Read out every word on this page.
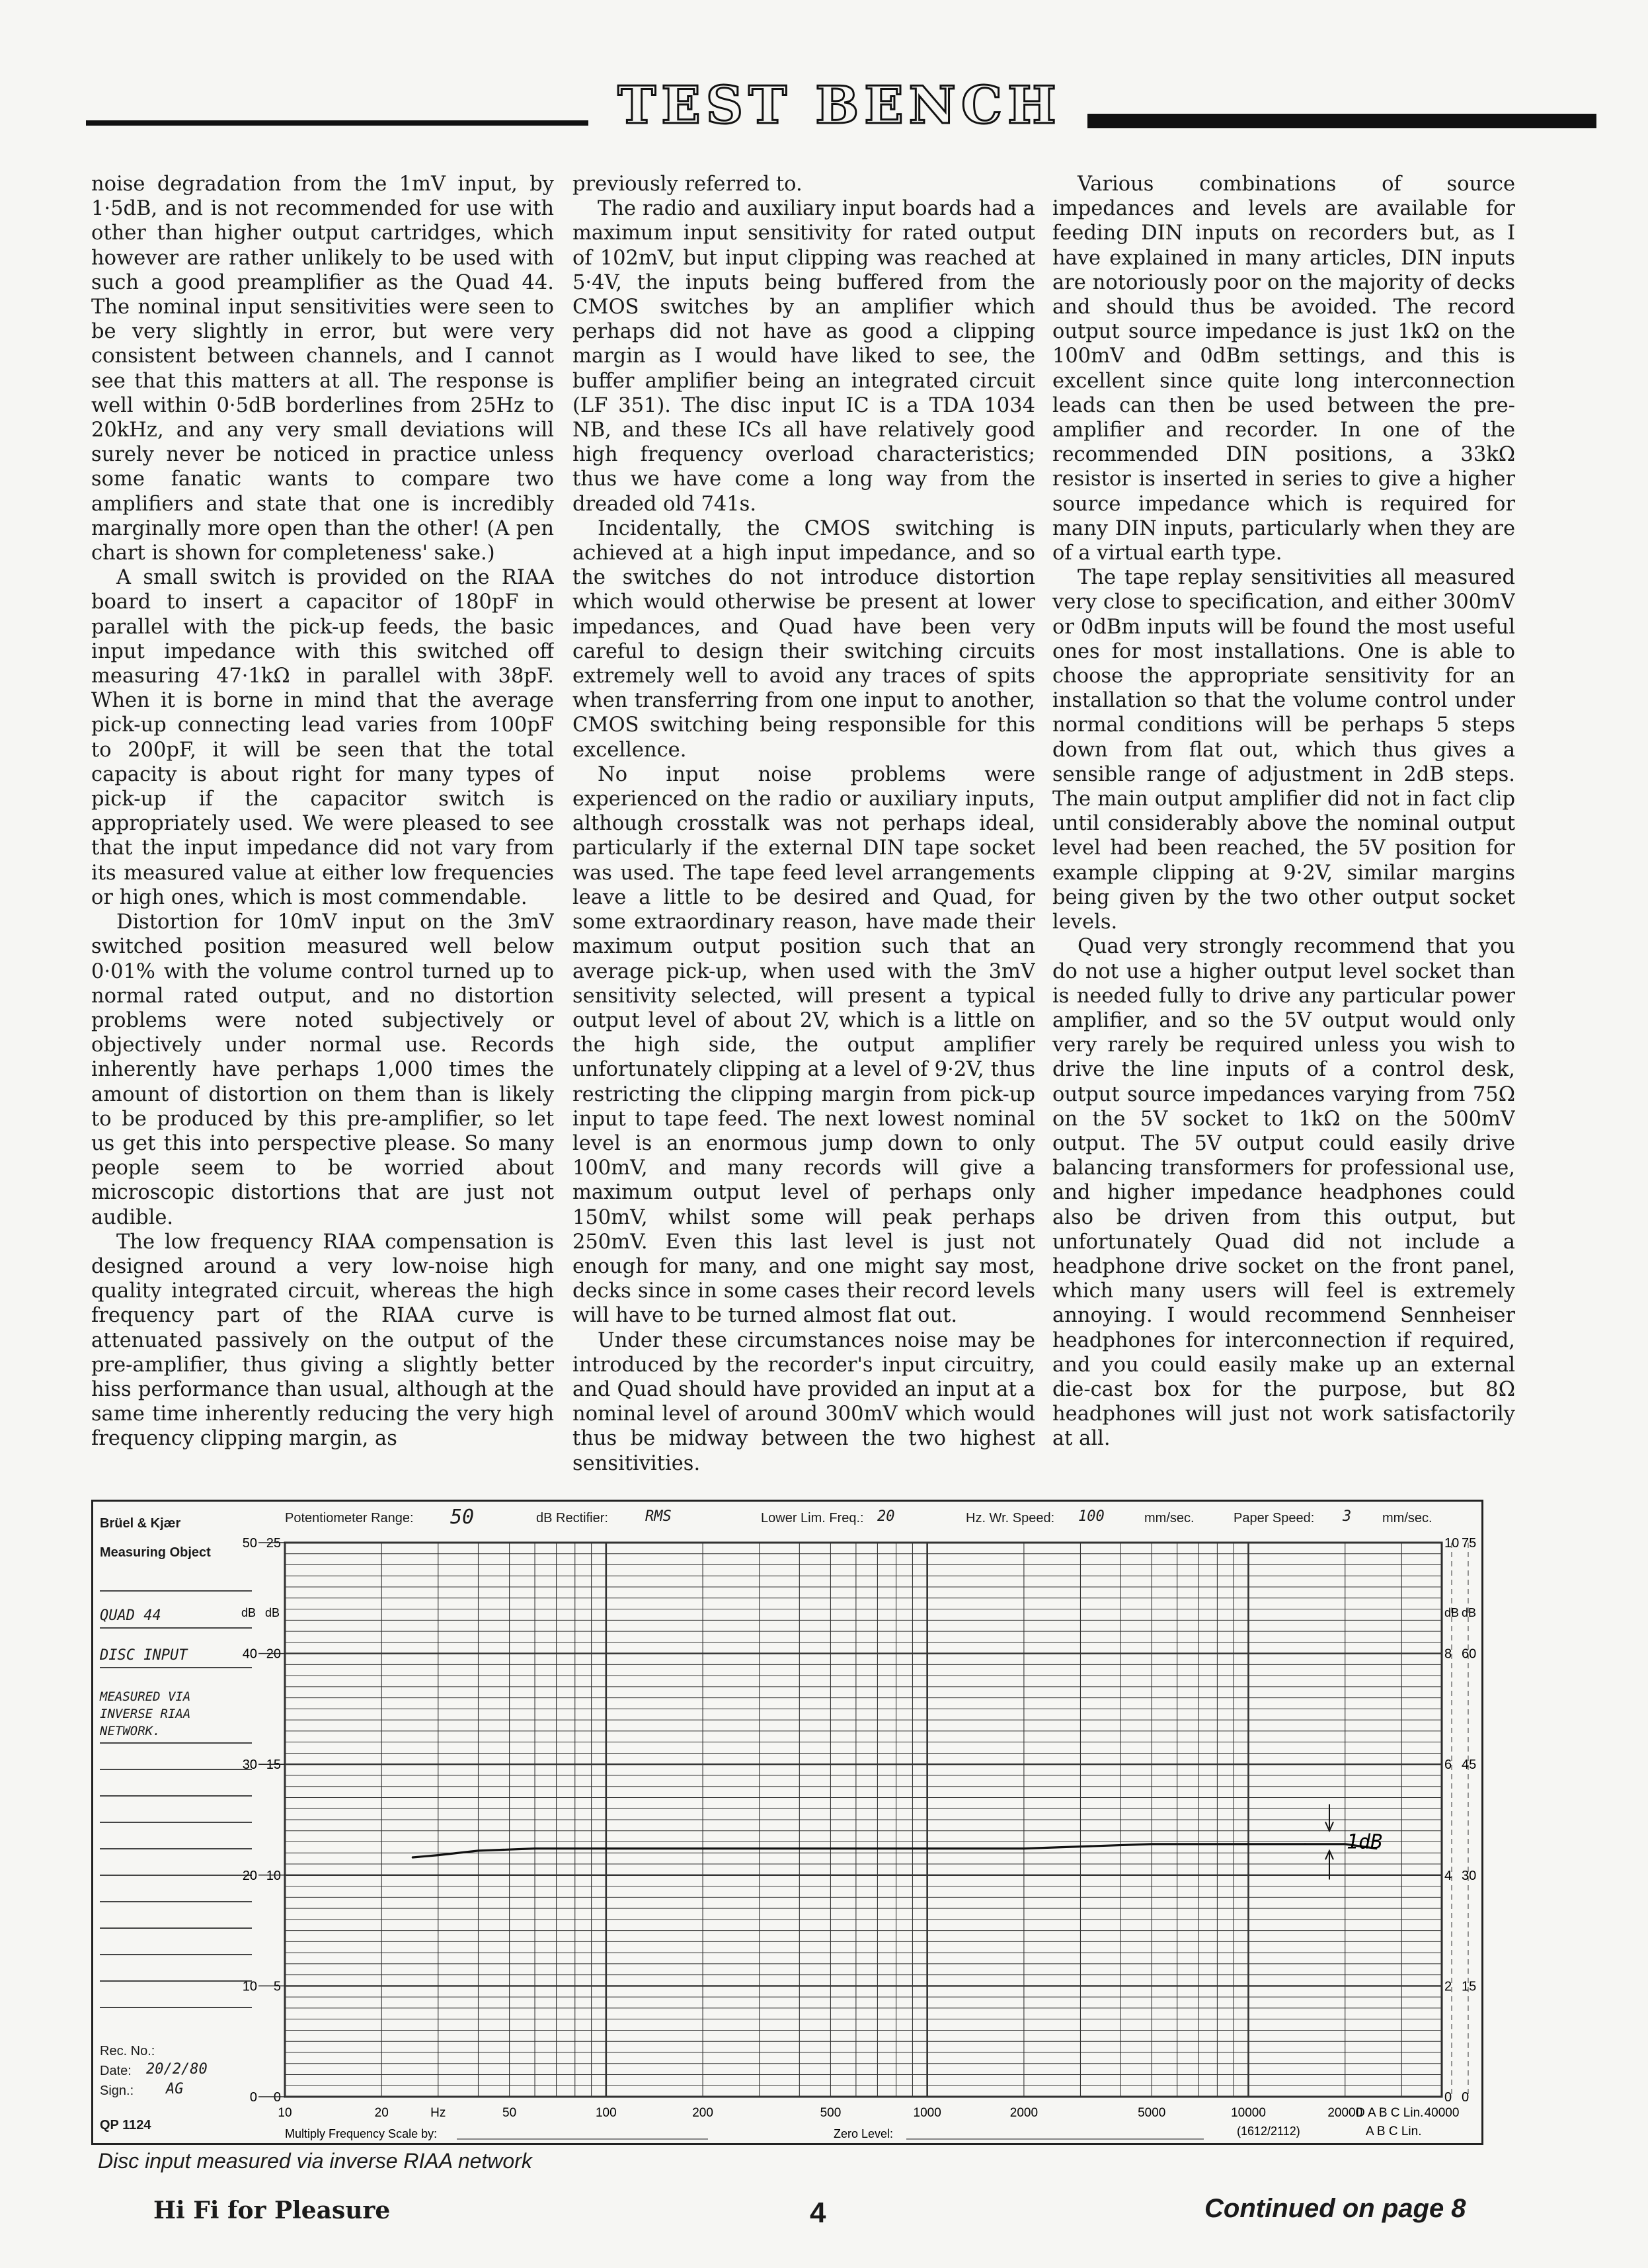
TEST BENCH

noise degradation from the 1mV input, by 1·5dB, and is not recommended for use with other than higher output cartridges, which however are rather unlikely to be used with such a good preamplifier as the Quad 44. The nominal input sensitivities were seen to be very slightly in error, but were very consistent between channels, and I cannot see that this matters at all. The response is well within 0·5dB borderlines from 25Hz to 20kHz, and any very small deviations will surely never be noticed in practice unless some fanatic wants to compare two amplifiers and state that one is incredibly marginally more open than the other! (A pen chart is shown for completeness' sake.)

A small switch is provided on the RIAA board to insert a capacitor of 180pF in parallel with the pick-up feeds, the basic input impedance with this switched off measuring 47·1kΩ in parallel with 38pF. When it is borne in mind that the average pick-up connecting lead varies from 100pF to 200pF, it will be seen that the total capacity is about right for many types of pick-up if the capacitor switch is appropriately used. We were pleased to see that the input impedance did not vary from its measured value at either low frequencies or high ones, which is most commendable.

Distortion for 10mV input on the 3mV switched position measured well below 0·01% with the volume control turned up to normal rated output, and no distortion problems were noted subjectively or objectively under normal use. Records inherently have perhaps 1,000 times the amount of distortion on them than is likely to be produced by this pre-amplifier, so let us get this into perspective please. So many people seem to be worried about microscopic distortions that are just not audible.

The low frequency RIAA compensation is designed around a very low-noise high quality integrated circuit, whereas the high frequency part of the RIAA curve is attenuated passively on the output of the pre-amplifier, thus giving a slightly better hiss performance than usual, although at the same time inherently reducing the very high frequency clipping margin, as

previously referred to.

The radio and auxiliary input boards had a maximum input sensitivity for rated output of 102mV, but input clipping was reached at 5·4V, the inputs being buffered from the CMOS switches by an amplifier which perhaps did not have as good a clipping margin as I would have liked to see, the buffer amplifier being an integrated circuit (LF 351). The disc input IC is a TDA 1034 NB, and these ICs all have relatively good high frequency overload characteristics; thus we have come a long way from the dreaded old 741s.

Incidentally, the CMOS switching is achieved at a high input impedance, and so the switches do not introduce distortion which would otherwise be present at lower impedances, and Quad have been very careful to design their switching circuits extremely well to avoid any traces of spits when transferring from one input to another, CMOS switching being responsible for this excellence.

No input noise problems were experienced on the radio or auxiliary inputs, although crosstalk was not perhaps ideal, particularly if the external DIN tape socket was used. The tape feed level arrangements leave a little to be desired and Quad, for some extraordinary reason, have made their maximum output position such that an average pick-up, when used with the 3mV sensitivity selected, will present a typical output level of about 2V, which is a little on the high side, the output amplifier unfortunately clipping at a level of 9·2V, thus restricting the clipping margin from pick-up input to tape feed. The next lowest nominal level is an enormous jump down to only 100mV, and many records will give a maximum output level of perhaps only 150mV, whilst some will peak perhaps 250mV. Even this last level is just not enough for many, and one might say most, decks since in some cases their record levels will have to be turned almost flat out.

Under these circumstances noise may be introduced by the recorder's input circuitry, and Quad should have provided an input at a nominal level of around 300mV which would thus be midway between the two highest sensitivities.

Various combinations of source impedances and levels are available for feeding DIN inputs on recorders but, as I have explained in many articles, DIN inputs are notoriously poor on the majority of decks and should thus be avoided. The record output source impedance is just 1kΩ on the 100mV and 0dBm settings, and this is excellent since quite long interconnection leads can then be used between the pre-amplifier and recorder. In one of the recommended DIN positions, a 33kΩ resistor is inserted in series to give a higher source impedance which is required for many DIN inputs, particularly when they are of a virtual earth type.

The tape replay sensitivities all measured very close to specification, and either 300mV or 0dBm inputs will be found the most useful ones for most installations. One is able to choose the appropriate sensitivity for an installation so that the volume control under normal conditions will be perhaps 5 steps down from flat out, which thus gives a sensible range of adjustment in 2dB steps. The main output amplifier did not in fact clip until considerably above the nominal output level had been reached, the 5V position for example clipping at 9·2V, similar margins being given by the two other output socket levels.

Quad very strongly recommend that you do not use a higher output level socket than is needed fully to drive any particular power amplifier, and so the 5V output would only very rarely be required unless you wish to drive the line inputs of a control desk, output source impedances varying from 75Ω on the 5V socket to 1kΩ on the 500mV output. The 5V output could easily drive balancing transformers for professional use, and higher impedance headphones could also be driven from this output, but unfortunately Quad did not include a headphone drive socket on the front panel, which many users will feel is extremely annoying. I would recommend Sennheiser headphones for interconnection if required, and you could easily make up an external die-cast box for the purpose, but 8Ω headphones will just not work satisfactorily at all.

Brüel & Kjær
Measuring Object
QUAD 44
DISC INPUT
MEASURED VIA
INVERSE RIAA
NETWORK.
Rec. No.:
Date: 20/2/80
Sign.: AG
QP 1124
Potentiometer Range: 50	dB Rectifier:	RMS	Lower Lim. Freq.: 20	Hz. Wr. Speed: 100	mm/sec.	Paper Speed: 3 mm/sec.
50 25
40 20
30 15
20 10
10 5
0 0
dB dB
10 75
8 60
6 45
4 30
2 15
0 0
dB dB
10	20	Hz	50	100	200	500	1000	2000	5000	10000	20000	40000
D A B C Lin.
Multiply Frequency Scale by:	Zero Level:	(1612/2112)	A B C Lin.
1dB
Disc input measured via inverse RIAA network
Hi Fi for Pleasure	4	Continued on page 8
